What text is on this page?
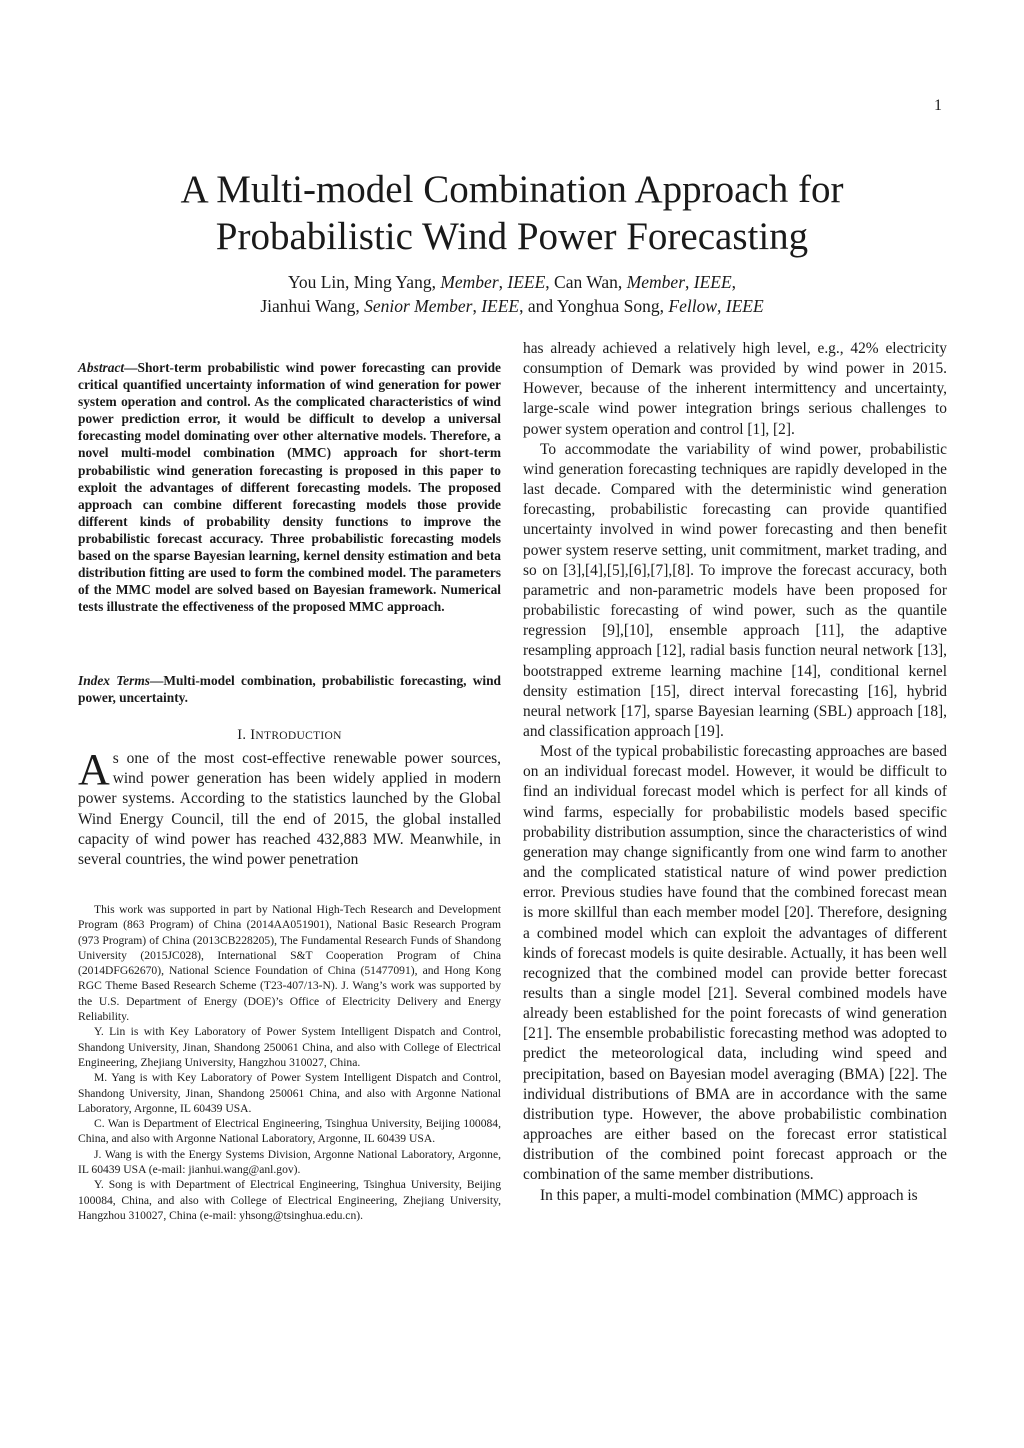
1
A Multi-model Combination Approach for
Probabilistic Wind Power Forecasting
You Lin, Ming Yang, Member, IEEE, Can Wan, Member, IEEE,
Jianhui Wang, Senior Member, IEEE, and Yonghua Song, Fellow, IEEE
Abstract—Short-term probabilistic wind power forecasting can provide critical quantified uncertainty information of wind generation for power system operation and control. As the complicated characteristics of wind power prediction error, it would be difficult to develop a universal forecasting model dominating over other alternative models. Therefore, a novel multi-model combination (MMC) approach for short-term probabilistic wind generation forecasting is proposed in this paper to exploit the advantages of different forecasting models. The proposed approach can combine different forecasting models those provide different kinds of probability density functions to improve the probabilistic forecast accuracy. Three probabilistic forecasting models based on the sparse Bayesian learning, kernel density estimation and beta distribution fitting are used to form the combined model. The parameters of the MMC model are solved based on Bayesian framework. Numerical tests illustrate the effectiveness of the proposed MMC approach.
Index Terms—Multi-model combination, probabilistic forecasting, wind power, uncertainty.
I. INTRODUCTION
As one of the most cost-effective renewable power sources, wind power generation has been widely applied in modern power systems. According to the statistics launched by the Global Wind Energy Council, till the end of 2015, the global installed capacity of wind power has reached 432,883 MW. Meanwhile, in several countries, the wind power penetration

This work was supported in part by National High-Tech Research and Development Program (863 Program) of China (2014AA051901), National Basic Research Program (973 Program) of China (2013CB228205), The Fundamental Research Funds of Shandong University (2015JC028), International S&T Cooperation Program of China (2014DFG62670), National Science Foundation of China (51477091), and Hong Kong RGC Theme Based Research Scheme (T23-407/13-N). J. Wang’s work was supported by the U.S. Department of Energy (DOE)’s Office of Electricity Delivery and Energy Reliability.

Y. Lin is with Key Laboratory of Power System Intelligent Dispatch and Control, Shandong University, Jinan, Shandong 250061 China, and also with College of Electrical Engineering, Zhejiang University, Hangzhou 310027, China.

M. Yang is with Key Laboratory of Power System Intelligent Dispatch and Control, Shandong University, Jinan, Shandong 250061 China, and also with Argonne National Laboratory, Argonne, IL 60439 USA.

C. Wan is Department of Electrical Engineering, Tsinghua University, Beijing 100084, China, and also with Argonne National Laboratory, Argonne, IL 60439 USA.

J. Wang is with the Energy Systems Division, Argonne National Laboratory, Argonne, IL 60439 USA (e-mail: jianhui.wang@anl.gov).

Y. Song is with Department of Electrical Engineering, Tsinghua University, Beijing 100084, China, and also with College of Electrical Engineering, Zhejiang University, Hangzhou 310027, China (e-mail: yhsong@tsinghua.edu.cn).

has already achieved a relatively high level, e.g., 42% electricity consumption of Demark was provided by wind power in 2015. However, because of the inherent intermittency and uncertainty, large-scale wind power integration brings serious challenges to power system operation and control [1], [2].

To accommodate the variability of wind power, probabilistic wind generation forecasting techniques are rapidly developed in the last decade. Compared with the deterministic wind generation forecasting, probabilistic forecasting can provide quantified uncertainty involved in wind power forecasting and then benefit power system reserve setting, unit commitment, market trading, and so on [3],[4],[5],[6],[7],[8]. To improve the forecast accuracy, both parametric and non-parametric models have been proposed for probabilistic forecasting of wind power, such as the quantile regression [9],[10], ensemble approach [11], the adaptive resampling approach [12], radial basis function neural network [13], bootstrapped extreme learning machine [14], conditional kernel density estimation [15], direct interval forecasting [16], hybrid neural network [17], sparse Bayesian learning (SBL) approach [18], and classification approach [19].

Most of the typical probabilistic forecasting approaches are based on an individual forecast model. However, it would be difficult to find an individual forecast model which is perfect for all kinds of wind farms, especially for probabilistic models based specific probability distribution assumption, since the characteristics of wind generation may change significantly from one wind farm to another and the complicated statistical nature of wind power prediction error. Previous studies have found that the combined forecast mean is more skillful than each member model [20]. Therefore, designing a combined model which can exploit the advantages of different kinds of forecast models is quite desirable. Actually, it has been well recognized that the combined model can provide better forecast results than a single model [21]. Several combined models have already been established for the point forecasts of wind generation [21]. The ensemble probabilistic forecasting method was adopted to predict the meteorological data, including wind speed and precipitation, based on Bayesian model averaging (BMA) [22]. The individual distributions of BMA are in accordance with the same distribution type. However, the above probabilistic combination approaches are either based on the forecast error statistical distribution of the combined point forecast approach or the combination of the same member distributions.

In this paper, a multi-model combination (MMC) approach is
